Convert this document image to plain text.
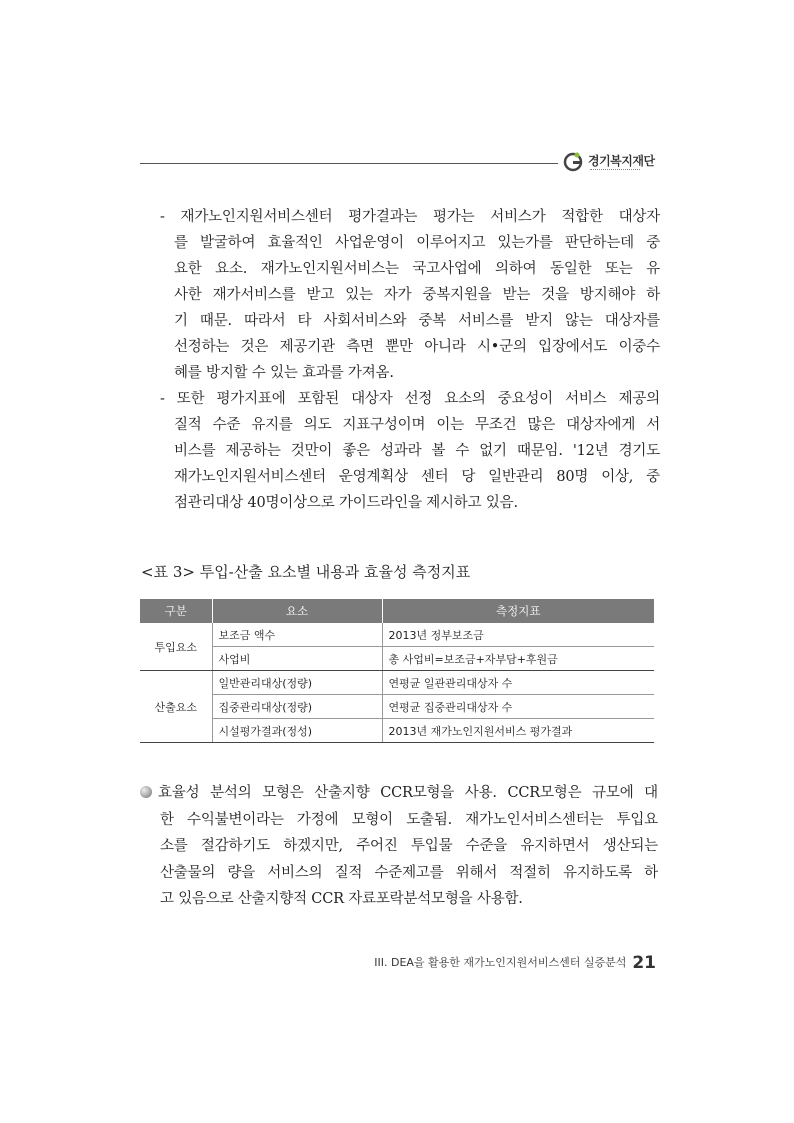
경기복지재단
- 재가노인지원서비스센터 평가결과는 평가는 서비스가 적합한 대상자
를 발굴하여 효율적인 사업운영이 이루어지고 있는가를 판단하는데 중
요한 요소. 재가노인지원서비스는 국고사업에 의하여 동일한 또는 유
사한 재가서비스를 받고 있는 자가 중복지원을 받는 것을 방지해야 하
기 때문. 따라서 타 사회서비스와 중복 서비스를 받지 않는 대상자를
선정하는 것은 제공기관 측면 뿐만 아니라 시•군의 입장에서도 이중수
혜를 방지할 수 있는 효과를 가져옴.
- 또한 평가지표에 포함된 대상자 선정 요소의 중요성이 서비스 제공의
질적 수준 유지를 의도 지표구성이며 이는 무조건 많은 대상자에게 서
비스를 제공하는 것만이 좋은 성과라 볼 수 없기 때문임. '12년 경기도
재가노인지원서비스센터 운영계획상 센터 당 일반관리 80명 이상, 중
점관리대상 40명이상으로 가이드라인을 제시하고 있음.
<표 3> 투입-산출 요소별 내용과 효율성 측정지표
구분	요소	측정지표
투입요소	보조금 액수	2013년 정부보조금
	사업비	총 사업비=보조금+자부담+후원금
산출요소	일반관리대상(정량)	연평균 일관관리대상자 수
	집중관리대상(정량)	연평균 집중관리대상자 수
	시설평가결과(정성)	2013년 재가노인지원서비스 평가결과
효율성 분석의 모형은 산출지향 CCR모형을 사용. CCR모형은 규모에 대
한 수익불변이라는 가정에 모형이 도출됨. 재가노인서비스센터는 투입요
소를 절감하기도 하겠지만, 주어진 투입물 수준을 유지하면서 생산되는
산출물의 량을 서비스의 질적 수준제고를 위해서 적절히 유지하도록 하
고 있음으로 산출지향적 CCR 자료포락분석모형을 사용함.
III. DEA을 활용한 재가노인지원서비스센터 실증분석 21
